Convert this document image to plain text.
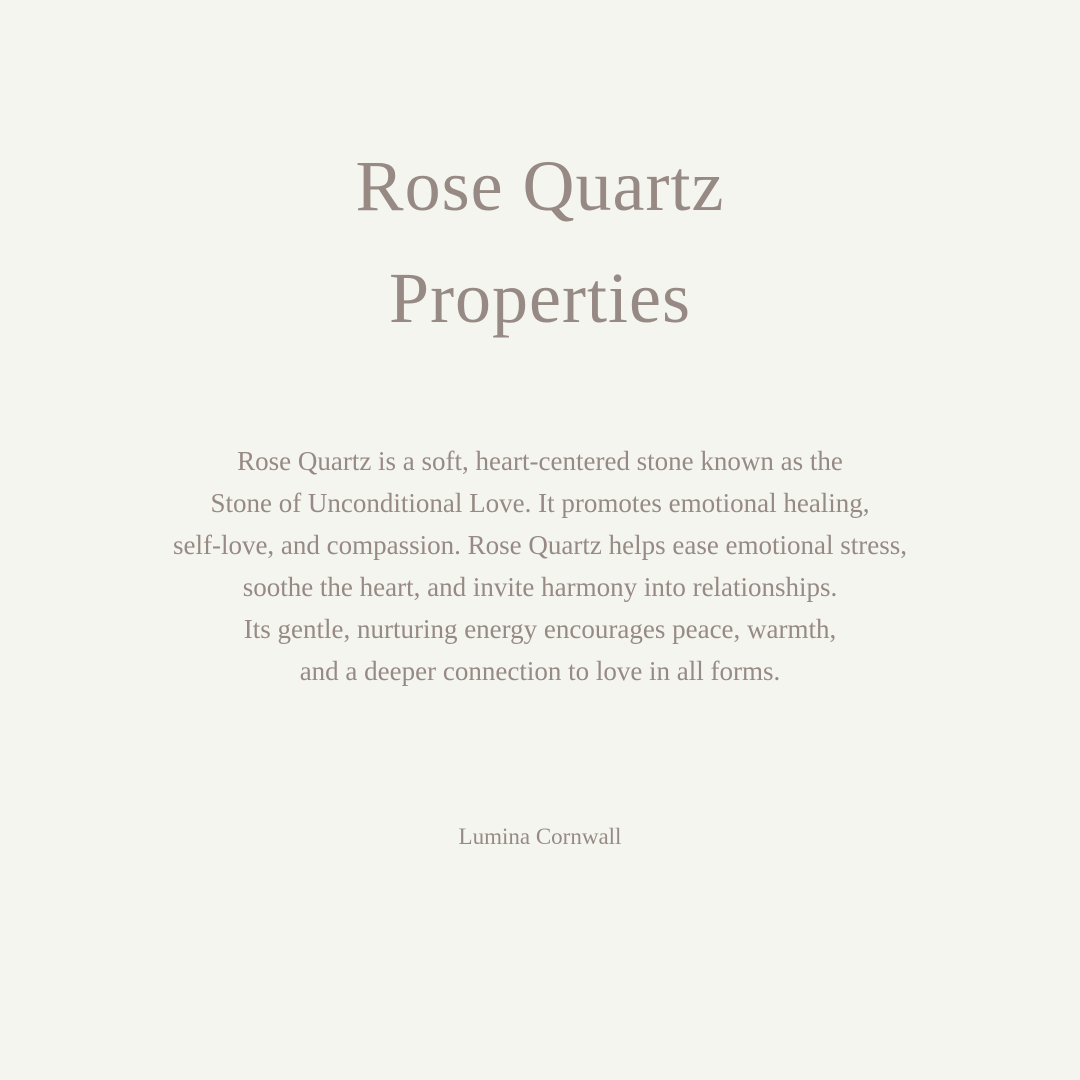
Rose Quartz
Properties
Rose Quartz is a soft, heart-centered stone known as the
Stone of Unconditional Love. It promotes emotional healing,
self-love, and compassion. Rose Quartz helps ease emotional stress,
soothe the heart, and invite harmony into relationships.
Its gentle, nurturing energy encourages peace, warmth,
and a deeper connection to love in all forms.
Lumina Cornwall
